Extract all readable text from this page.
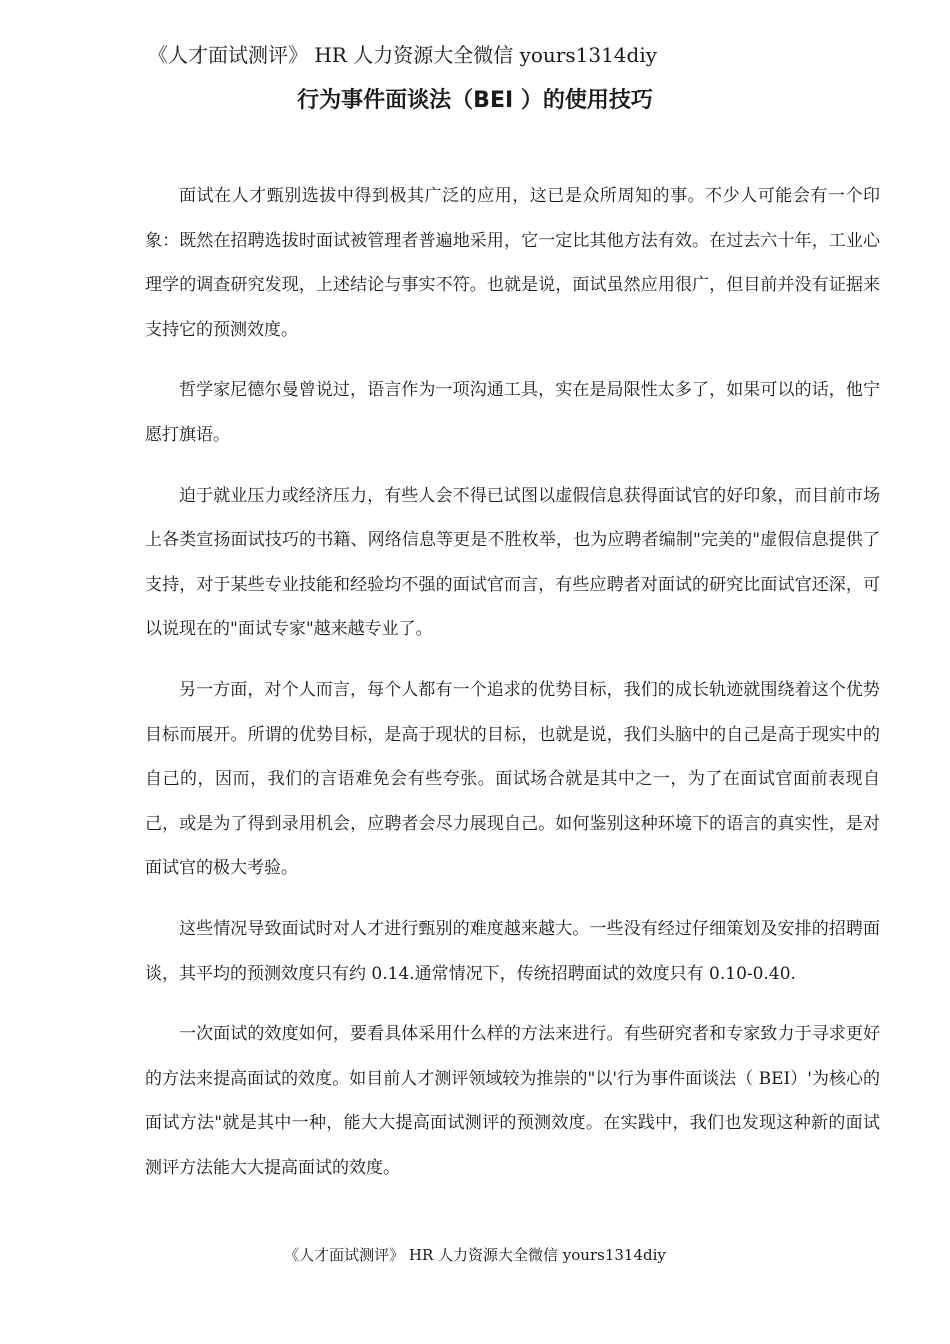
《人才面试测评》 HR 人力资源大全微信 yours1314diy
行为事件面谈法（BEI ）的使用技巧

面试在人才甄别选拔中得到极其广泛的应用，这已是众所周知的事。不少人可能会有一个印象：既然在招聘选拔时面试被管理者普遍地采用，它一定比其他方法有效。在过去六十年，工业心理学的调查研究发现，上述结论与事实不符。也就是说，面试虽然应用很广，但目前并没有证据来支持它的预测效度。

哲学家尼德尔曼曾说过，语言作为一项沟通工具，实在是局限性太多了，如果可以的话，他宁愿打旗语。

迫于就业压力或经济压力，有些人会不得已试图以虚假信息获得面试官的好印象，而目前市场上各类宣扬面试技巧的书籍、网络信息等更是不胜枚举，也为应聘者编制"完美的"虚假信息提供了支持，对于某些专业技能和经验均不强的面试官而言，有些应聘者对面试的研究比面试官还深，可以说现在的"面试专家"越来越专业了。

另一方面，对个人而言，每个人都有一个追求的优势目标，我们的成长轨迹就围绕着这个优势目标而展开。所谓的优势目标，是高于现状的目标，也就是说，我们头脑中的自己是高于现实中的自己的，因而，我们的言语难免会有些夸张。面试场合就是其中之一，为了在面试官面前表现自己，或是为了得到录用机会，应聘者会尽力展现自己。如何鉴别这种环境下的语言的真实性，是对面试官的极大考验。

这些情况导致面试时对人才进行甄别的难度越来越大。一些没有经过仔细策划及安排的招聘面谈，其平均的预测效度只有约 0.14.通常情况下，传统招聘面试的效度只有 0.10-0.40.

一次面试的效度如何，要看具体采用什么样的方法来进行。有些研究者和专家致力于寻求更好的方法来提高面试的效度。如目前人才测评领域较为推崇的"以'行为事件面谈法（ BEI）'为核心的面试方法"就是其中一种，能大大提高面试测评的预测效度。在实践中，我们也发现这种新的面试测评方法能大大提高面试的效度。

《人才面试测评》 HR 人力资源大全微信 yours1314diy
